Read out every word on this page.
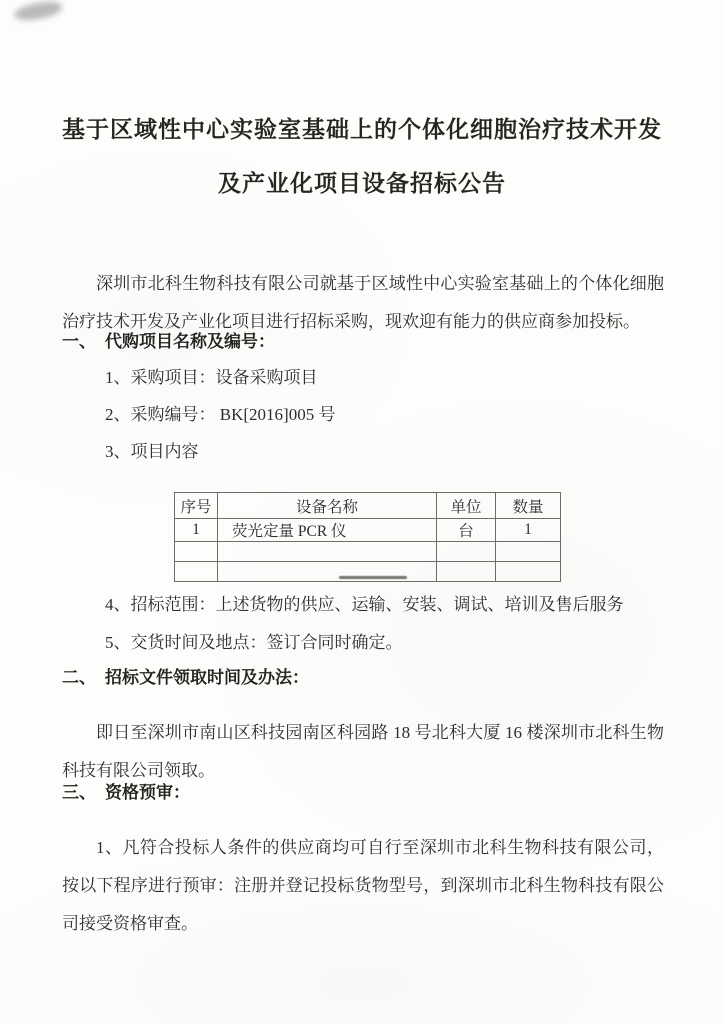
基于区域性中心实验室基础上的个体化细胞治疗技术开发
及产业化项目设备招标公告

深圳市北科生物科技有限公司就基于区域性中心实验室基础上的个体化细胞治疗技术开发及产业化项目进行招标采购，现欢迎有能力的供应商参加投标。

一、 代购项目名称及编号：
1、采购项目：设备采购项目
2、采购编号： BK[2016]005 号
3、项目内容
序号	设备名称	单位	数量
1	荧光定量 PCR 仪	台	1

4、招标范围：上述货物的供应、运输、安装、调试、培训及售后服务
5、交货时间及地点：签订合同时确定。
二、 招标文件领取时间及办法：

即日至深圳市南山区科技园南区科园路 18 号北科大厦 16 楼深圳市北科生物科技有限公司领取。

三、 资格预审：

1、凡符合投标人条件的供应商均可自行至深圳市北科生物科技有限公司，按以下程序进行预审：注册并登记投标货物型号，到深圳市北科生物科技有限公司接受资格审查。
